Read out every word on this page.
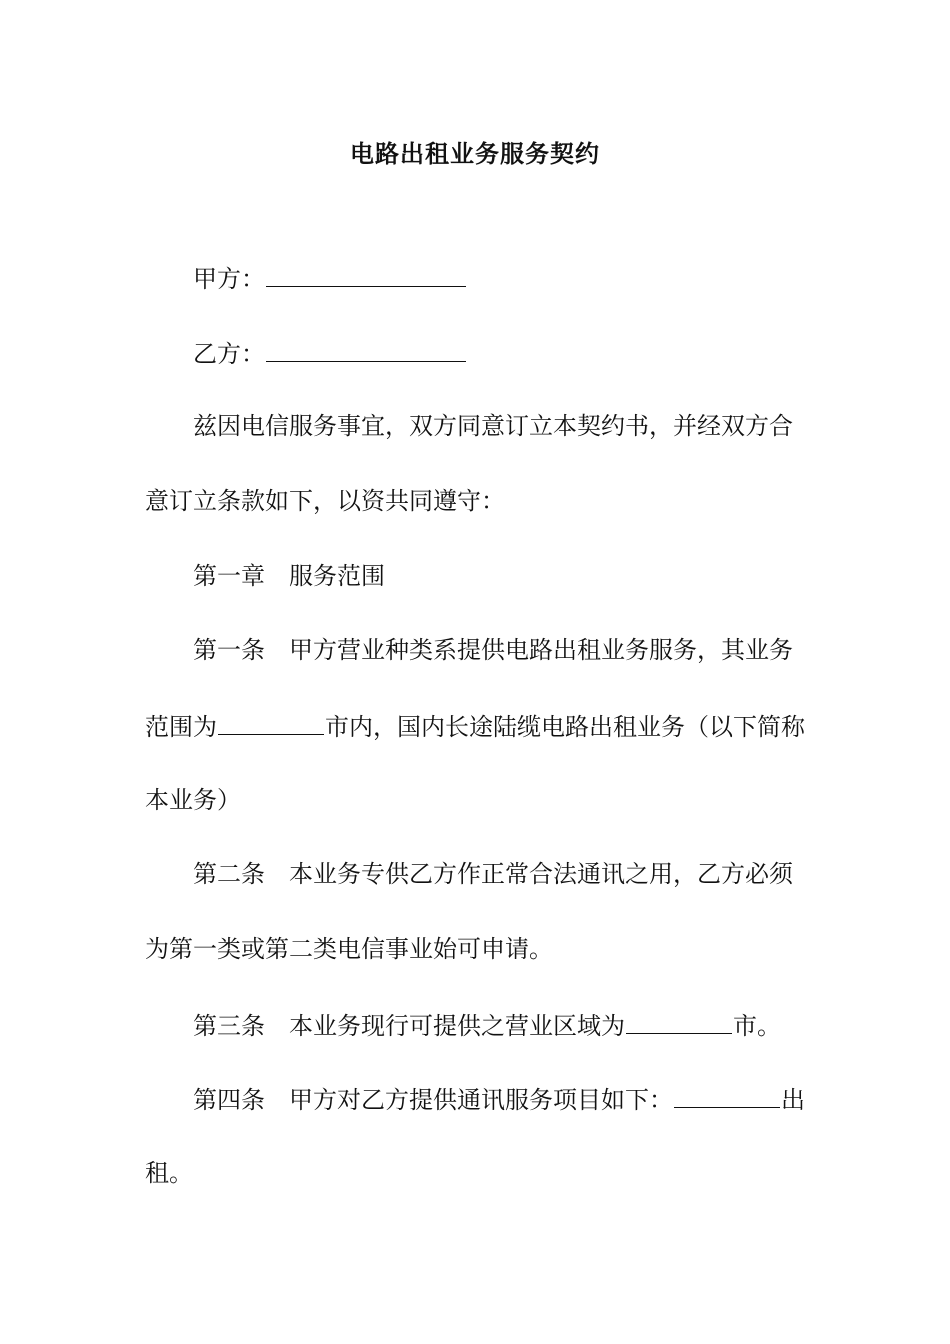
电路出租业务服务契约
甲方：
乙方：
兹因电信服务事宜，双方同意订立本契约书，并经双方合
意订立条款如下，以资共同遵守：
第一章 服务范围
第一条 甲方营业种类系提供电路出租业务服务，其业务
范围为	市内，国内长途陆缆电路出租业务（以下简称
本业务）
第二条 本业务专供乙方作正常合法通讯之用，乙方必须
为第一类或第二类电信事业始可申请。
第三条 本业务现行可提供之营业区域为	市。
第四条 甲方对乙方提供通讯服务项目如下：	出
租。
